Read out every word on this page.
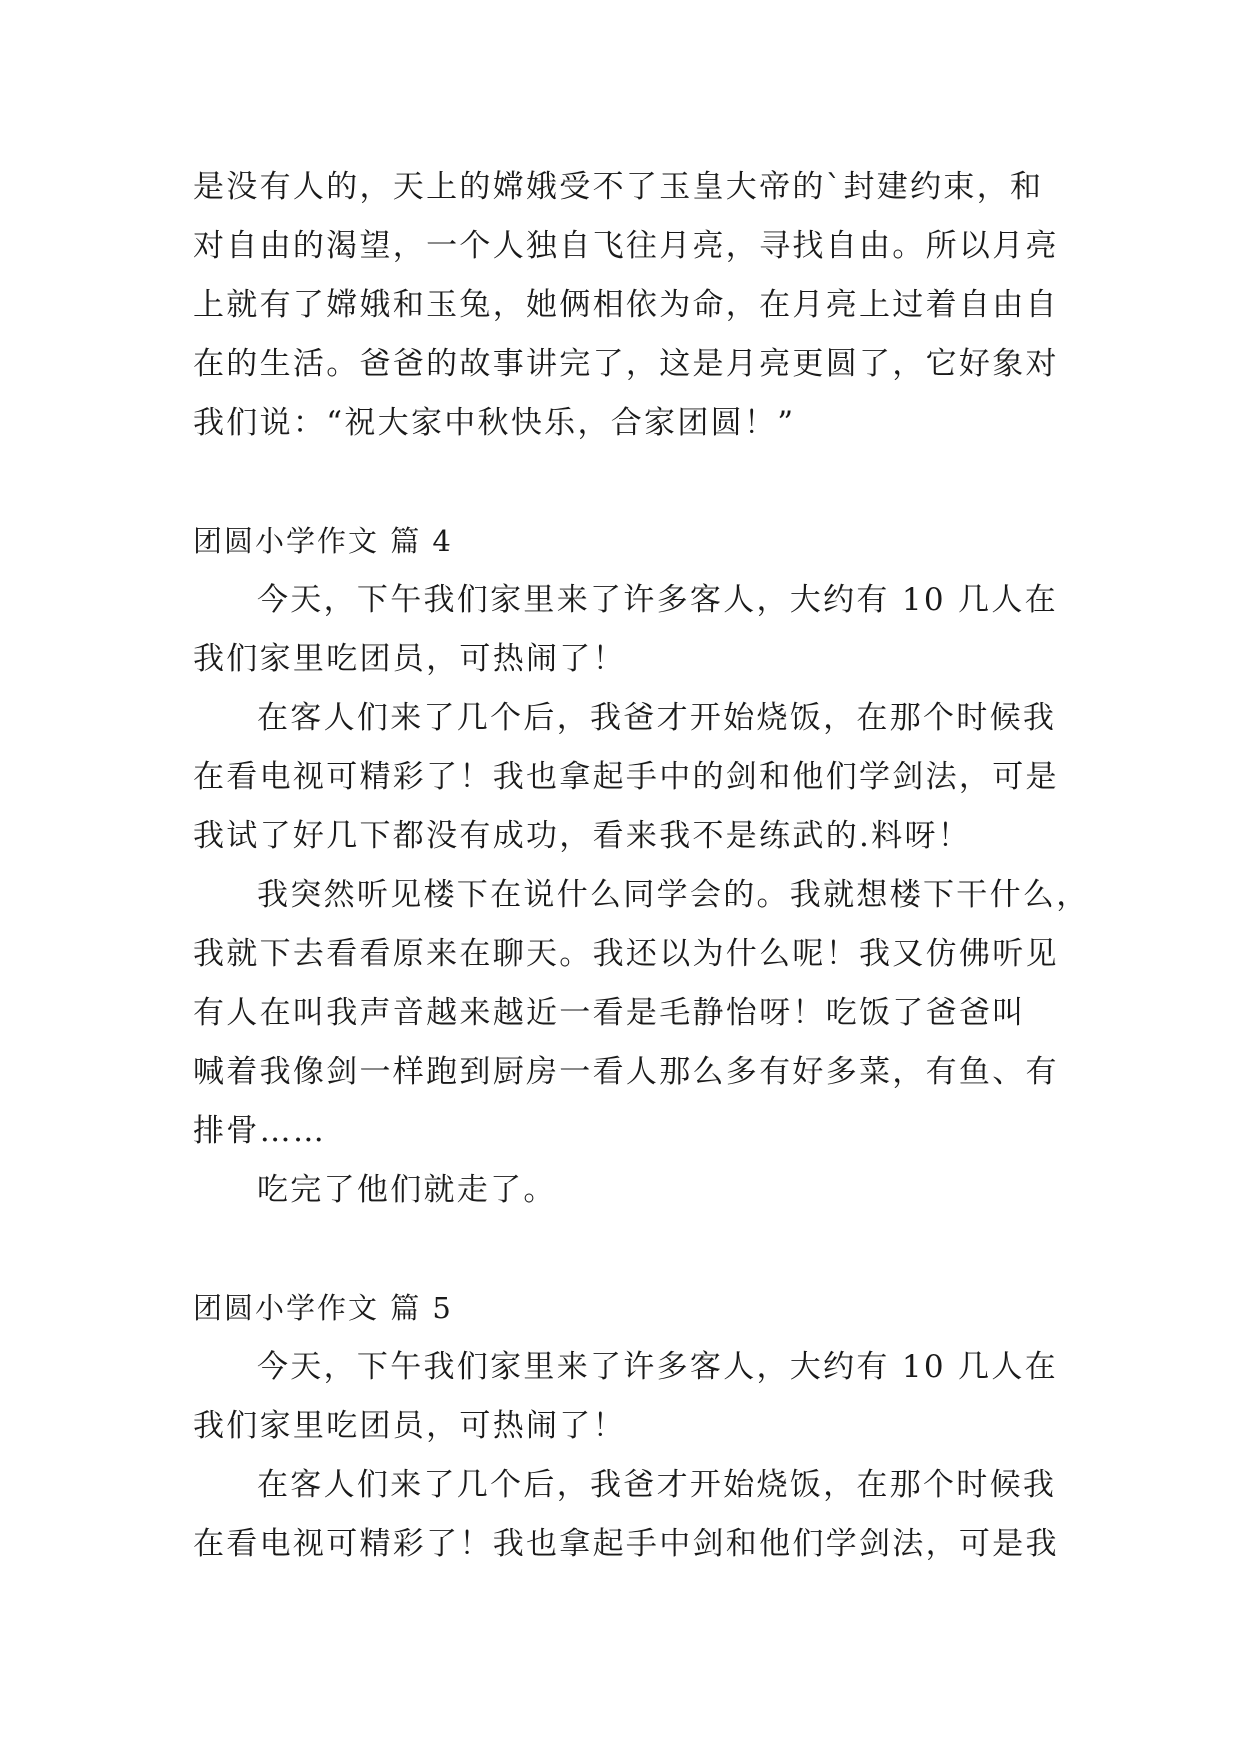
是没有人的，天上的嫦娥受不了玉皇大帝的`封建约束，和
对自由的渴望，一个人独自飞往月亮，寻找自由。所以月亮
上就有了嫦娥和玉兔，她俩相依为命，在月亮上过着自由自
在的生活。爸爸的故事讲完了，这是月亮更圆了，它好象对
我们说：“祝大家中秋快乐，合家团圆！”
团圆小学作文 篇 4
今天，下午我们家里来了许多客人，大约有 10 几人在
我们家里吃团员，可热闹了！
在客人们来了几个后，我爸才开始烧饭，在那个时候我
在看电视可精彩了！我也拿起手中的剑和他们学剑法，可是
我试了好几下都没有成功，看来我不是练武的.料呀！
我突然听见楼下在说什么同学会的。我就想楼下干什么，
我就下去看看原来在聊天。我还以为什么呢！我又仿佛听见
有人在叫我声音越来越近一看是毛静怡呀！吃饭了爸爸叫
喊着我像剑一样跑到厨房一看人那么多有好多菜，有鱼、有
排骨……
吃完了他们就走了。
团圆小学作文 篇 5
今天，下午我们家里来了许多客人，大约有 10 几人在
我们家里吃团员，可热闹了！
在客人们来了几个后，我爸才开始烧饭，在那个时候我
在看电视可精彩了！我也拿起手中剑和他们学剑法，可是我
